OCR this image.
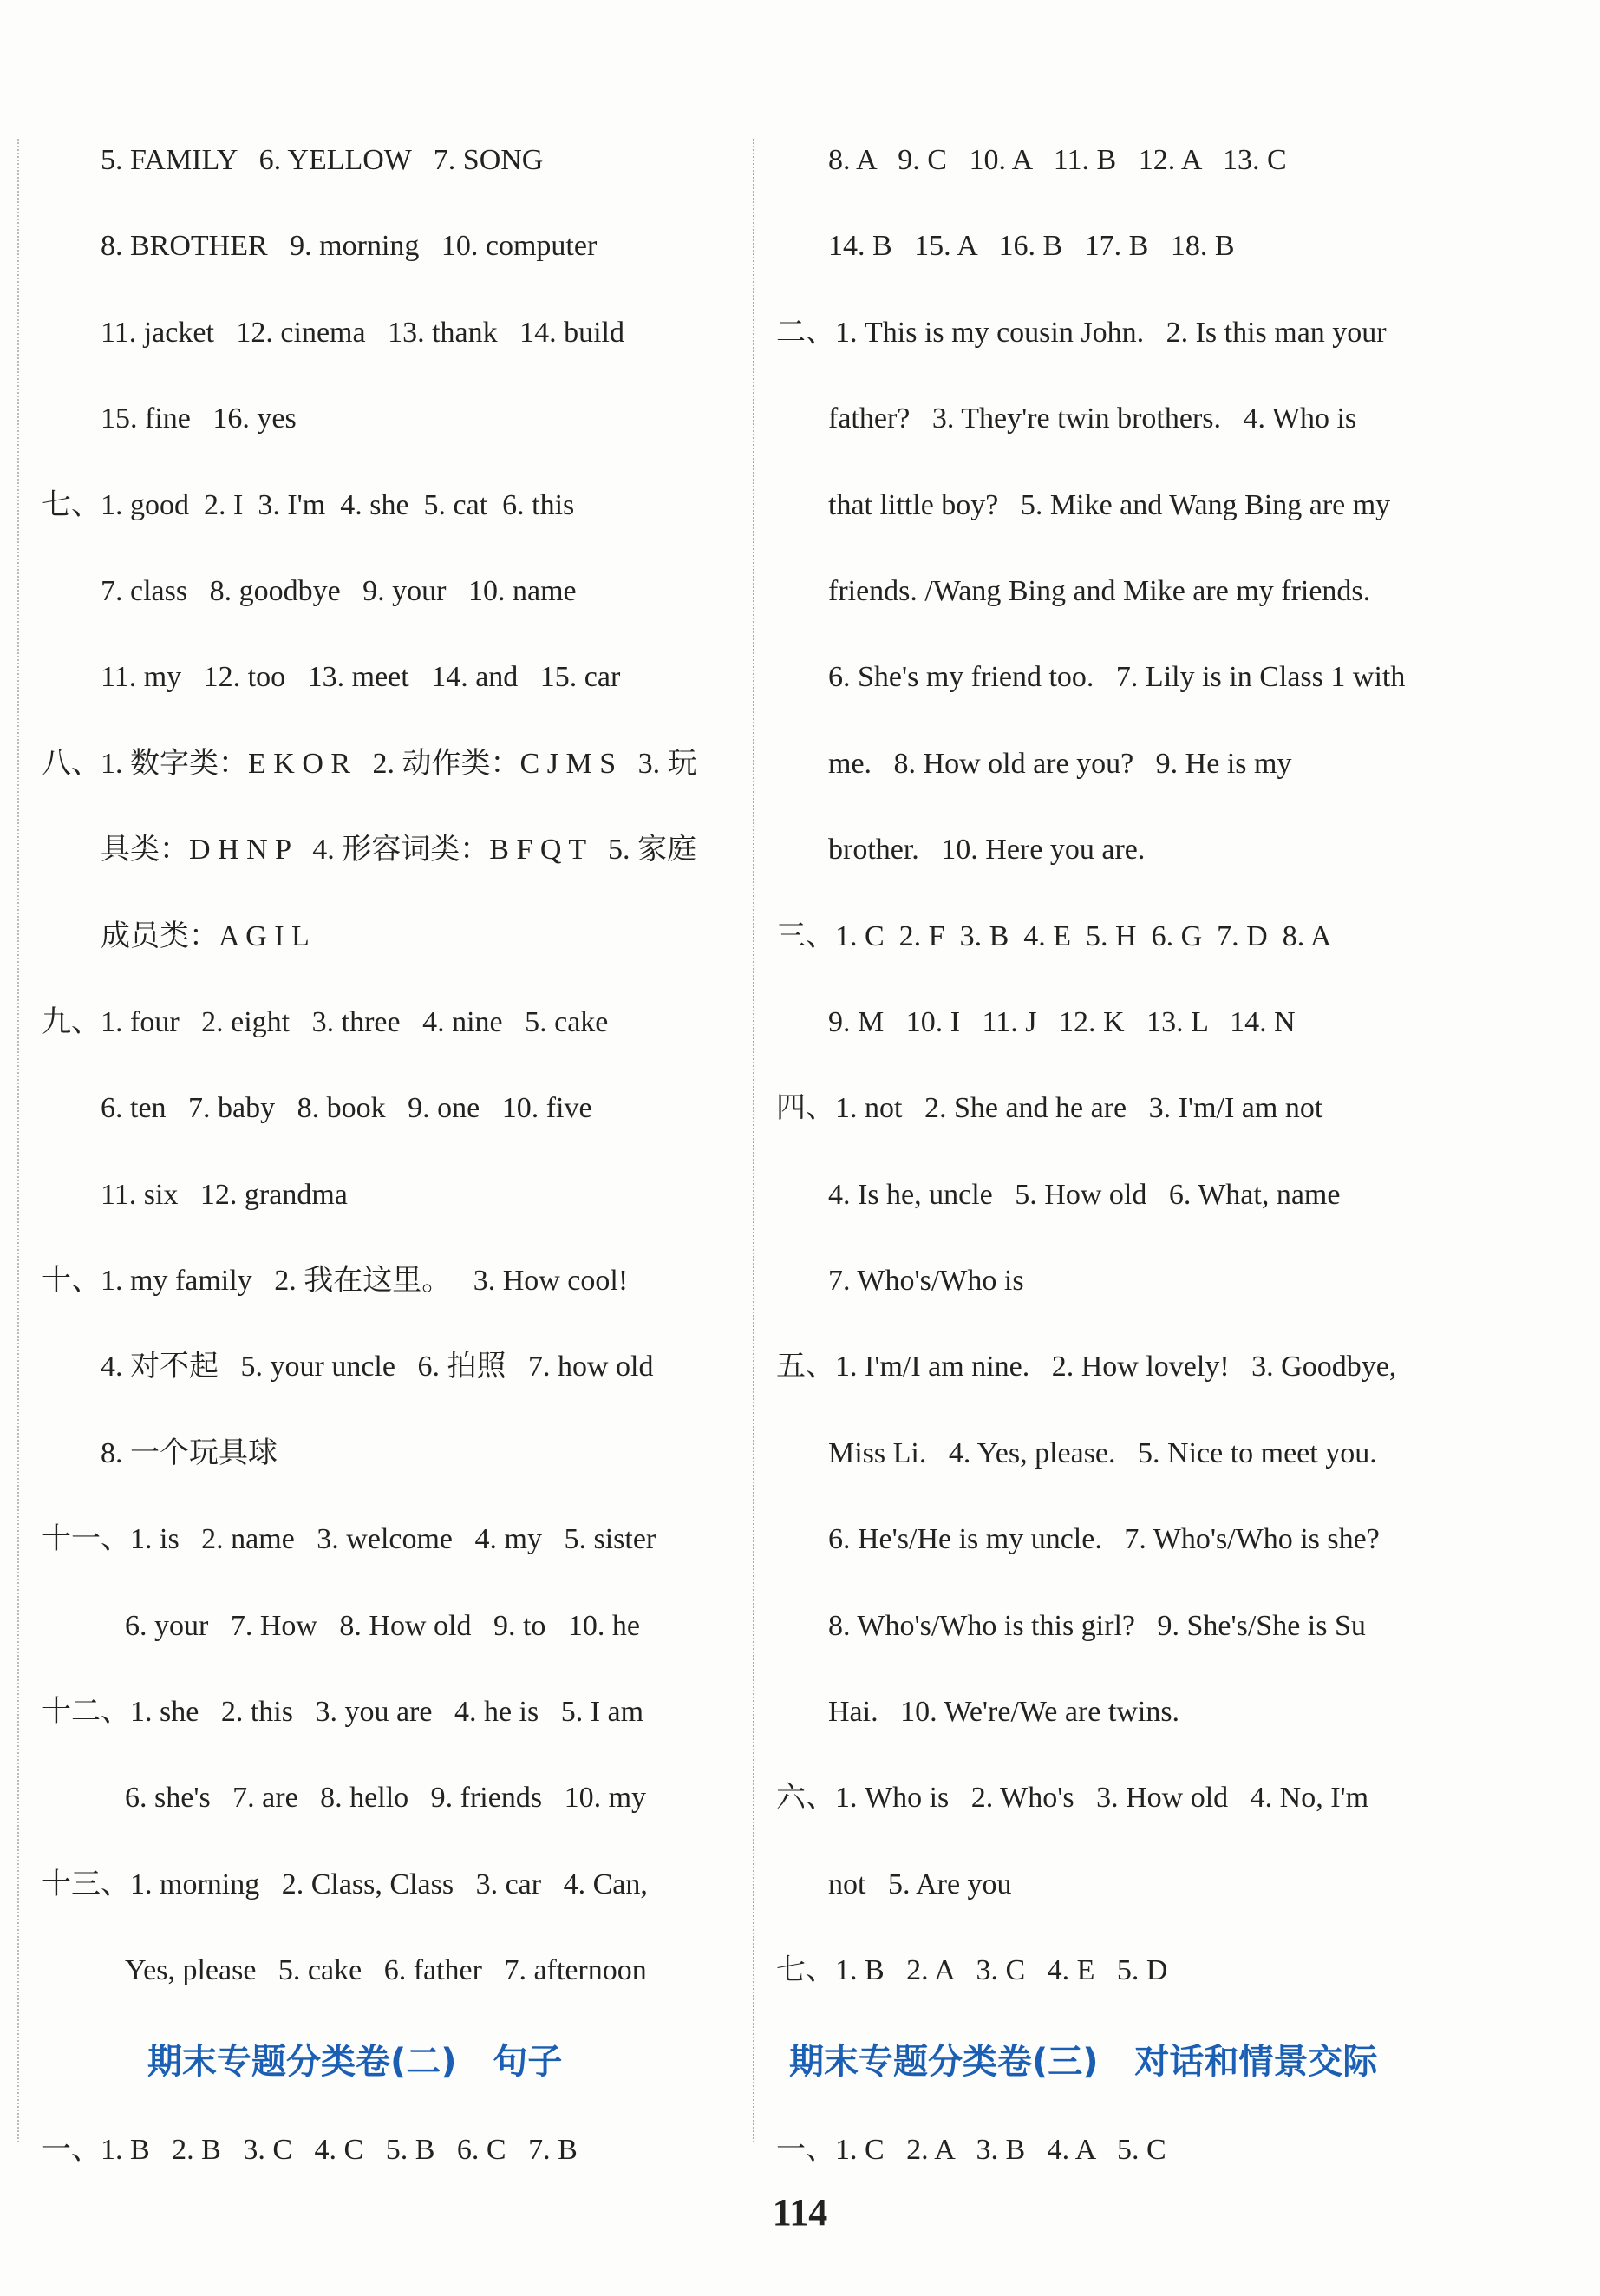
5. FAMILY   6. YELLOW   7. SONG
8. BROTHER   9. morning   10. computer
11. jacket   12. cinema   13. thank   14. build
15. fine   16. yes
七、1. good  2. I  3. I'm  4. she  5. cat  6. this
7. class   8. goodbye   9. your   10. name
11. my   12. too   13. meet   14. and   15. car
八、1. 数字类：E K O R   2. 动作类：C J M S   3. 玩
具类：D H N P   4. 形容词类：B F Q T   5. 家庭
成员类：A G I L
九、1. four   2. eight   3. three   4. nine   5. cake
6. ten   7. baby   8. book   9. one   10. five
11. six   12. grandma
十、1. my family   2. 我在这里。   3. How cool!
4. 对不起   5. your uncle   6. 拍照   7. how old
8. 一个玩具球
十一、1. is   2. name   3. welcome   4. my   5. sister
6. your   7. How   8. How old   9. to   10. he
十二、1. she   2. this   3. you are   4. he is   5. I am
6. she's   7. are   8. hello   9. friends   10. my
十三、1. morning   2. Class, Class   3. car   4. Can,
Yes, please   5. cake   6. father   7. afternoon
期末专题分类卷(二)   句子
一、1. B   2. B   3. C   4. C   5. B   6. C   7. B
8. A   9. C   10. A   11. B   12. A   13. C
14. B   15. A   16. B   17. B   18. B
二、1. This is my cousin John.   2. Is this man your
father?   3. They're twin brothers.   4. Who is
that little boy?   5. Mike and Wang Bing are my
friends. /Wang Bing and Mike are my friends.
6. She's my friend too.   7. Lily is in Class 1 with
me.   8. How old are you?   9. He is my
brother.   10. Here you are.
三、1. C  2. F  3. B  4. E  5. H  6. G  7. D  8. A
9. M   10. I   11. J   12. K   13. L   14. N
四、1. not   2. She and he are   3. I'm/I am not
4. Is he, uncle   5. How old   6. What, name
7. Who's/Who is
五、1. I'm/I am nine.   2. How lovely!   3. Goodbye,
Miss Li.   4. Yes, please.   5. Nice to meet you.
6. He's/He is my uncle.   7. Who's/Who is she?
8. Who's/Who is this girl?   9. She's/She is Su
Hai.   10. We're/We are twins.
六、1. Who is   2. Who's   3. How old   4. No, I'm
not   5. Are you
七、1. B   2. A   3. C   4. E   5. D
期末专题分类卷(三)   对话和情景交际
一、1. C   2. A   3. B   4. A   5. C
114
